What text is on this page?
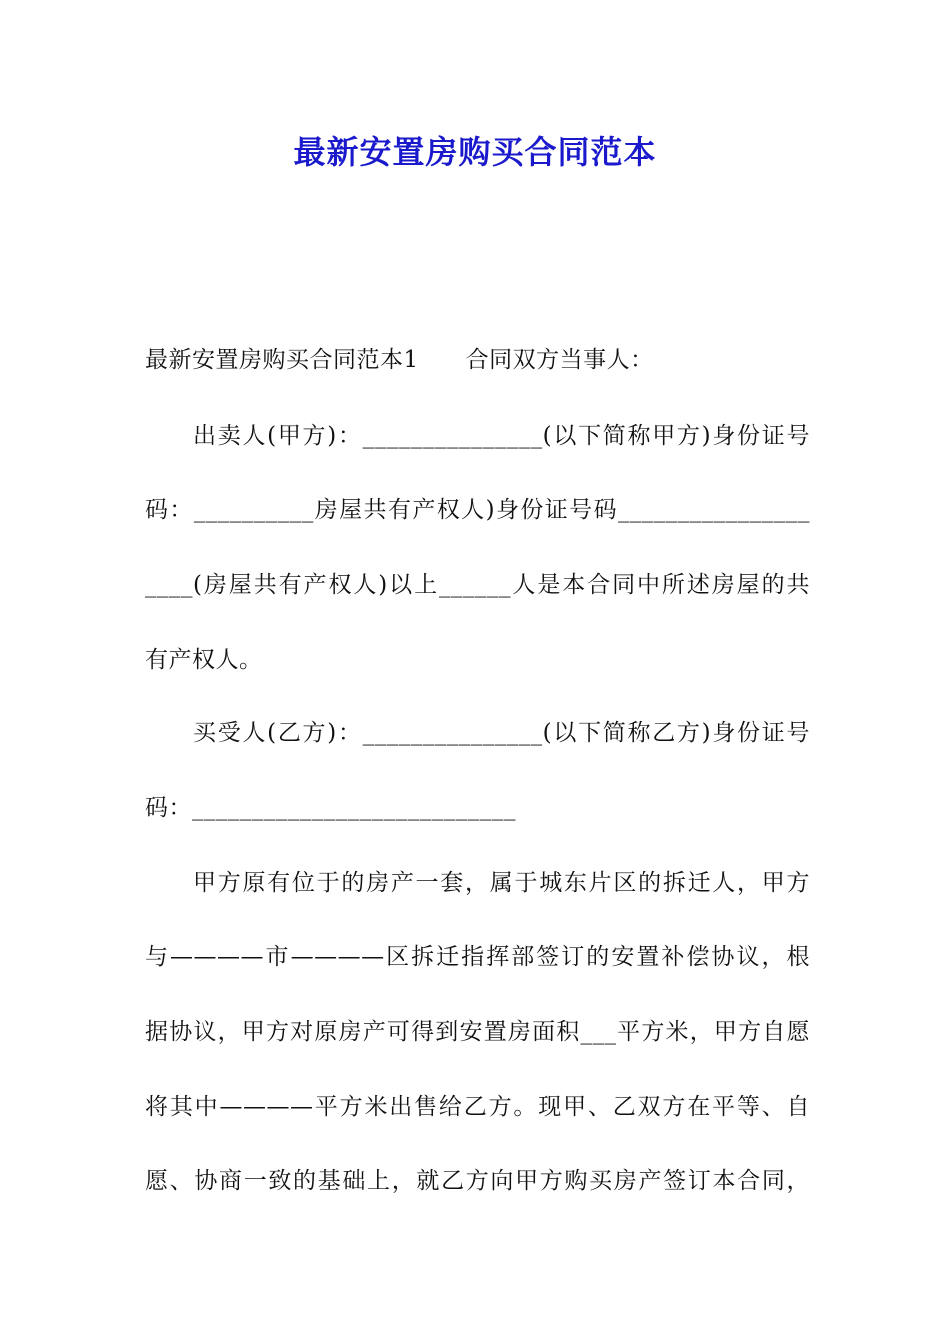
最新安置房购买合同范本
最新安置房购买合同范本1　　合同双方当事人：
出卖人(甲方)：_______________(以下简称甲方)身份证号
码：__________房屋共有产权人)身份证号码________________
____(房屋共有产权人)以上______人是本合同中所述房屋的共
有产权人。
买受人(乙方)：_______________(以下简称乙方)身份证号
码：___________________________
甲方原有位于的房产一套，属于城东片区的拆迁人，甲方
与————市————区拆迁指挥部签订的安置补偿协议，根
据协议，甲方对原房产可得到安置房面积___平方米，甲方自愿
将其中————平方米出售给乙方。现甲、乙双方在平等、自
愿、协商一致的基础上，就乙方向甲方购买房产签订本合同，
